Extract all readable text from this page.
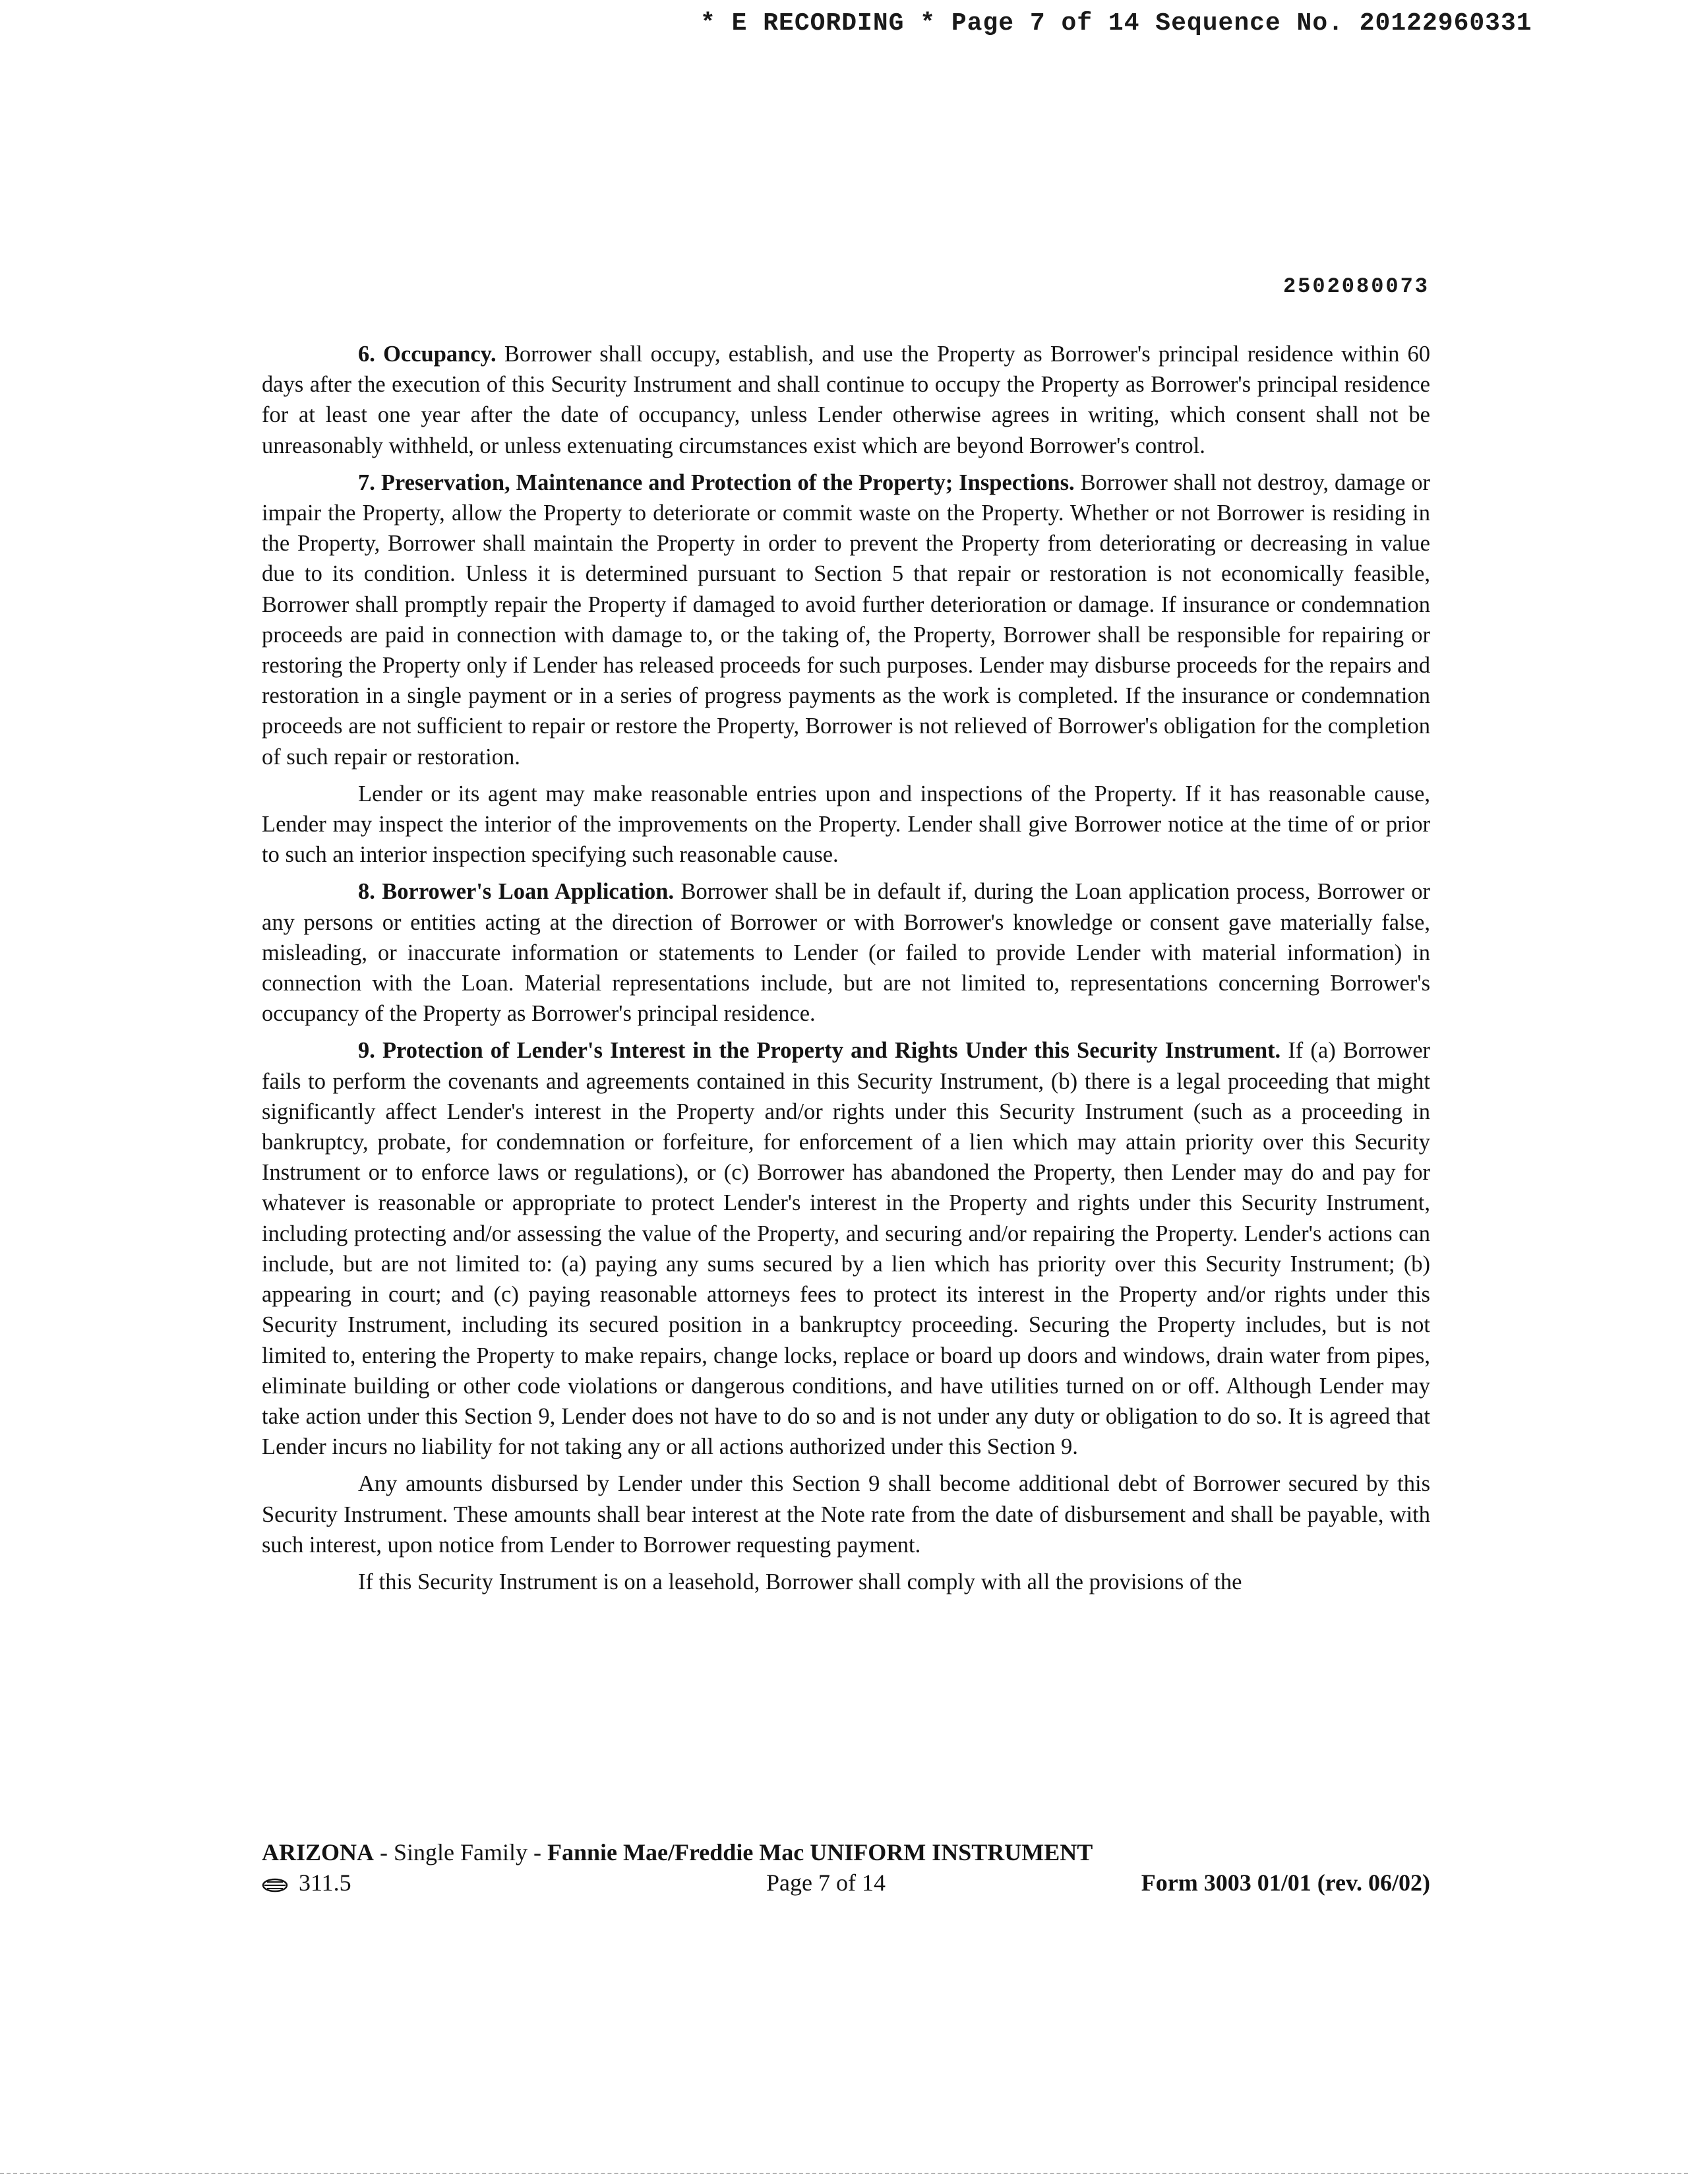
* E RECORDING * Page 7 of 14 Sequence No. 20122960331
2502080073

6. Occupancy. Borrower shall occupy, establish, and use the Property as Borrower's principal residence within 60 days after the execution of this Security Instrument and shall continue to occupy the Property as Borrower's principal residence for at least one year after the date of occupancy, unless Lender otherwise agrees in writing, which consent shall not be unreasonably withheld, or unless extenuating circumstances exist which are beyond Borrower's control.

7. Preservation, Maintenance and Protection of the Property; Inspections. Borrower shall not destroy, damage or impair the Property, allow the Property to deteriorate or commit waste on the Property. Whether or not Borrower is residing in the Property, Borrower shall maintain the Property in order to prevent the Property from deteriorating or decreasing in value due to its condition. Unless it is determined pursuant to Section 5 that repair or restoration is not economically feasible, Borrower shall promptly repair the Property if damaged to avoid further deterioration or damage. If insurance or condemnation proceeds are paid in connection with damage to, or the taking of, the Property, Borrower shall be responsible for repairing or restoring the Property only if Lender has released proceeds for such purposes. Lender may disburse proceeds for the repairs and restoration in a single payment or in a series of progress payments as the work is completed. If the insurance or condemnation proceeds are not sufficient to repair or restore the Property, Borrower is not relieved of Borrower's obligation for the completion of such repair or restoration.

Lender or its agent may make reasonable entries upon and inspections of the Property. If it has reasonable cause, Lender may inspect the interior of the improvements on the Property. Lender shall give Borrower notice at the time of or prior to such an interior inspection specifying such reasonable cause.

8. Borrower's Loan Application. Borrower shall be in default if, during the Loan application process, Borrower or any persons or entities acting at the direction of Borrower or with Borrower's knowledge or consent gave materially false, misleading, or inaccurate information or statements to Lender (or failed to provide Lender with material information) in connection with the Loan. Material representations include, but are not limited to, representations concerning Borrower's occupancy of the Property as Borrower's principal residence.

9. Protection of Lender's Interest in the Property and Rights Under this Security Instrument. If (a) Borrower fails to perform the covenants and agreements contained in this Security Instrument, (b) there is a legal proceeding that might significantly affect Lender's interest in the Property and/or rights under this Security Instrument (such as a proceeding in bankruptcy, probate, for condemnation or forfeiture, for enforcement of a lien which may attain priority over this Security Instrument or to enforce laws or regulations), or (c) Borrower has abandoned the Property, then Lender may do and pay for whatever is reasonable or appropriate to protect Lender's interest in the Property and rights under this Security Instrument, including protecting and/or assessing the value of the Property, and securing and/or repairing the Property. Lender's actions can include, but are not limited to: (a) paying any sums secured by a lien which has priority over this Security Instrument; (b) appearing in court; and (c) paying reasonable attorneys fees to protect its interest in the Property and/or rights under this Security Instrument, including its secured position in a bankruptcy proceeding. Securing the Property includes, but is not limited to, entering the Property to make repairs, change locks, replace or board up doors and windows, drain water from pipes, eliminate building or other code violations or dangerous conditions, and have utilities turned on or off. Although Lender may take action under this Section 9, Lender does not have to do so and is not under any duty or obligation to do so. It is agreed that Lender incurs no liability for not taking any or all actions authorized under this Section 9.

Any amounts disbursed by Lender under this Section 9 shall become additional debt of Borrower secured by this Security Instrument. These amounts shall bear interest at the Note rate from the date of disbursement and shall be payable, with such interest, upon notice from Lender to Borrower requesting payment.

If this Security Instrument is on a leasehold, Borrower shall comply with all the provisions of the

ARIZONA - Single Family - Fannie Mae/Freddie Mac UNIFORM INSTRUMENT
311.5	Page 7 of 14	Form 3003 01/01 (rev. 06/02)
